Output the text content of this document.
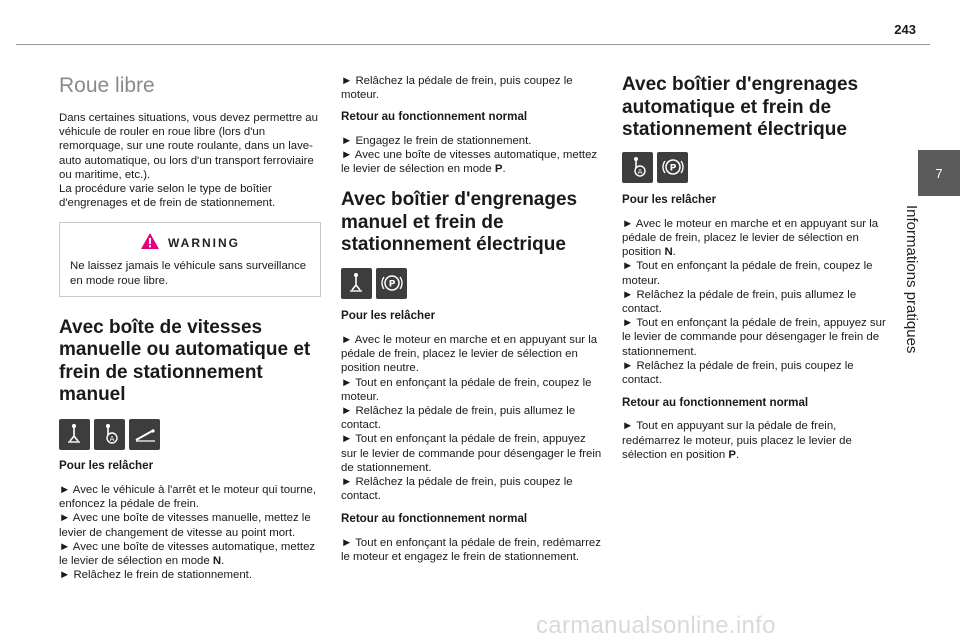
243
7
Informations pratiques
Roue libre

Dans certaines situations, vous devez permettre au véhicule de rouler en roue libre (lors d'un remorquage, sur une route roulante, dans un lave-auto automatique, ou lors d'un transport ferroviaire ou maritime, etc.).

La procédure varie selon le type de boîtier d'engrenages et de frein de stationnement.

WARNING

Ne laissez jamais le véhicule sans surveillance en mode roue libre.

Avec boîte de vitesses manuelle ou automatique et frein de stationnement manuel
A

Pour les relâcher

► Avec le véhicule à l'arrêt et le moteur qui tourne, enfoncez la pédale de frein.

► Avec une boîte de vitesses manuelle, mettez le levier de changement de vitesse au point mort.

► Avec une boîte de vitesses automatique, mettez le levier de sélection en mode N.

► Relâchez le frein de stationnement.

► Relâchez la pédale de frein, puis coupez le moteur.

Retour au fonctionnement normal

► Engagez le frein de stationnement.

► Avec une boîte de vitesses automatique, mettez le levier de sélection en mode P.

Avec boîtier d'engrenages manuel et frein de stationnement électrique
P

Pour les relâcher

► Avec le moteur en marche et en appuyant sur la pédale de frein, placez le levier de sélection en position neutre.

► Tout en enfonçant la pédale de frein, coupez le moteur.

► Relâchez la pédale de frein, puis allumez le contact.

► Tout en enfonçant la pédale de frein, appuyez sur le levier de commande pour désengager le frein de stationnement.

► Relâchez la pédale de frein, puis coupez le contact.

Retour au fonctionnement normal

► Tout en enfonçant la pédale de frein, redémarrez le moteur et engagez le frein de stationnement.

Avec boîtier d'engrenages automatique et frein de stationnement électrique
A	P

Pour les relâcher

► Avec le moteur en marche et en appuyant sur la pédale de frein, placez le levier de sélection en position N.

► Tout en enfonçant la pédale de frein, coupez le moteur.

► Relâchez la pédale de frein, puis allumez le contact.

► Tout en enfonçant la pédale de frein, appuyez sur le levier de commande pour désengager le frein de stationnement.

► Relâchez la pédale de frein, puis coupez le contact.

Retour au fonctionnement normal

► Tout en appuyant sur la pédale de frein, redémarrez le moteur, puis placez le levier de sélection en position P.

carmanualsonline.info
